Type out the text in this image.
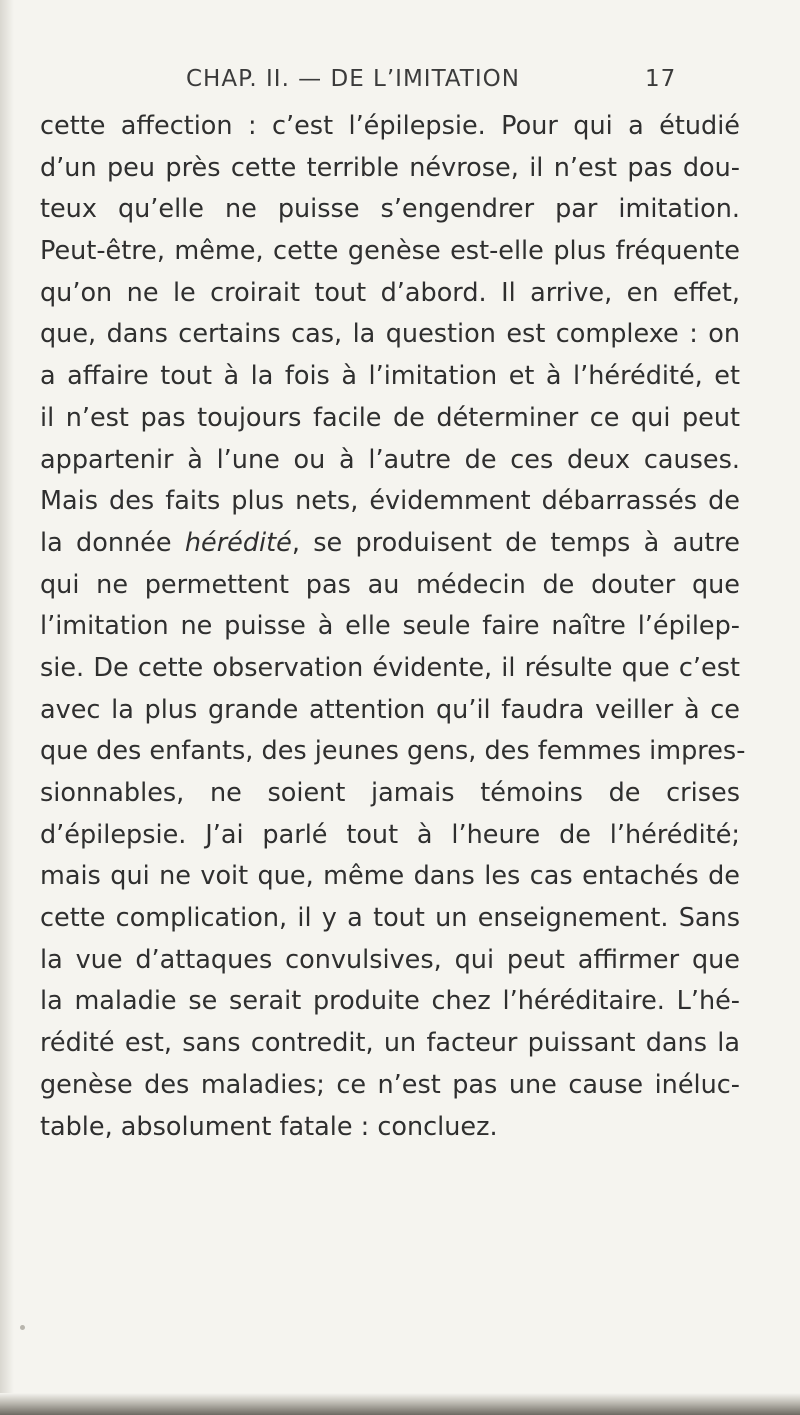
CHAP. II. — DE L’IMITATION	17
cette affection : c’est l’épilepsie. Pour qui a étudié
d’un peu près cette terrible névrose, il n’est pas dou-
teux qu’elle ne puisse s’engendrer par imitation.
Peut-être, même, cette genèse est-elle plus fréquente
qu’on ne le croirait tout d’abord. Il arrive, en effet,
que, dans certains cas, la question est complexe : on
a affaire tout à la fois à l’imitation et à l’hérédité, et
il n’est pas toujours facile de déterminer ce qui peut
appartenir à l’une ou à l’autre de ces deux causes.
Mais des faits plus nets, évidemment débarrassés de
la donnée hérédité, se produisent de temps à autre
qui ne permettent pas au médecin de douter que
l’imitation ne puisse à elle seule faire naître l’épilep-
sie. De cette observation évidente, il résulte que c’est
avec la plus grande attention qu’il faudra veiller à ce
que des enfants, des jeunes gens, des femmes impres-
sionnables, ne soient jamais témoins de crises
d’épilepsie. J’ai parlé tout à l’heure de l’hérédité;
mais qui ne voit que, même dans les cas entachés de
cette complication, il y a tout un enseignement. Sans
la vue d’attaques convulsives, qui peut affirmer que
la maladie se serait produite chez l’héréditaire. L’hé-
rédité est, sans contredit, un facteur puissant dans la
genèse des maladies; ce n’est pas une cause inéluc-
table, absolument fatale : concluez.
